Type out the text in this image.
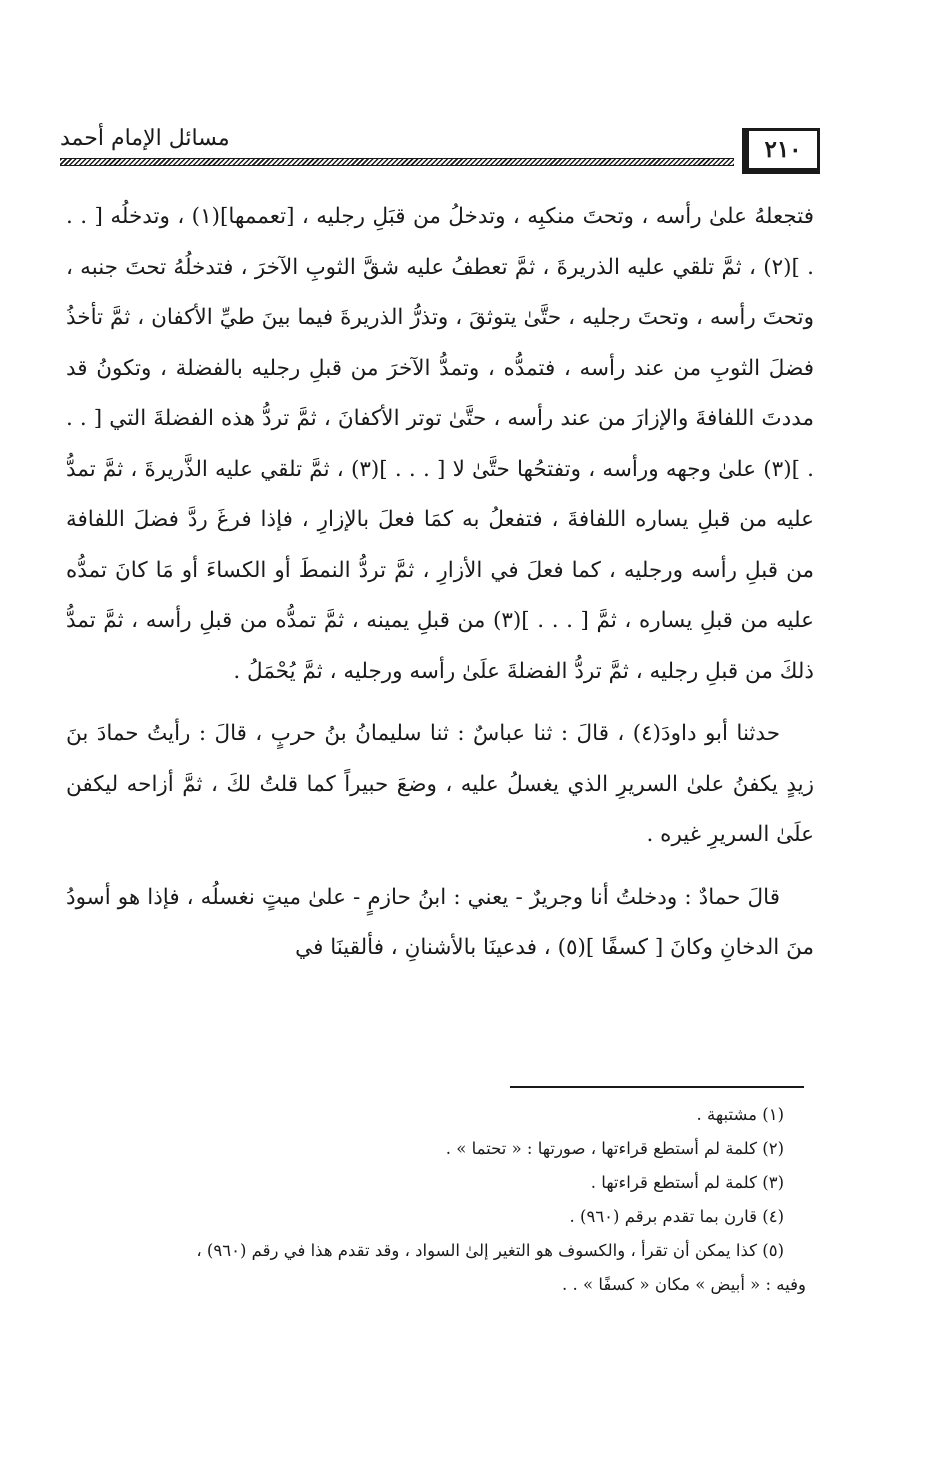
٢١٠
مسائل الإمام أحمد

فتجعلهُ علىٰ رأسه ، وتحتَ منكبِه ، وتدخلُ من قبَلِ رجليه ، [تعممها](١) ، وتدخلُه [ . . . ](٢) ، ثمَّ تلقي عليه الذريرةَ ، ثمَّ تعطفُ عليه شقَّ الثوبِ الآخرَ ، فتدخلُهُ تحتَ جنبه ، وتحتَ رأسه ، وتحتَ رجليه ، حتَّىٰ يتوثقَ ، وتذرُّ الذريرةَ فيما بينَ طيِّ الأكفان ، ثمَّ تأخذُ فضلَ الثوبِ من عند رأسه ، فتمدُّه ، وتمدُّ الآخرَ من قبلِ رجليه بالفضلة ، وتكونُ قد مددتَ اللفافةَ والإزارَ من عند رأسه ، حتَّىٰ توتر الأكفانَ ، ثمَّ تردُّ هذه الفضلةَ التي [ . . . ](٣) علىٰ وجهه ورأسه ، وتفتحُها حتَّىٰ لا [ . . . ](٣) ، ثمَّ تلقي عليه الذَّريرةَ ، ثمَّ تمدُّ عليه من قبلِ يساره اللفافةَ ، فتفعلُ به كمَا فعلَ بالإزارِ ، فإذا فرغَ ردَّ فضلَ اللفافة من قبلِ رأسه ورجليه ، كما فعلَ في الأزارِ ، ثمَّ تردُّ النمطَ أو الكساءَ أو مَا كانَ تمدُّه عليه من قبلِ يساره ، ثمَّ [ . . . ](٣) من قبلِ يمينه ، ثمَّ تمدُّه من قبلِ رأسه ، ثمَّ تمدُّ ذلكَ من قبلِ رجليه ، ثمَّ تردُّ الفضلةَ علَىٰ رأسه ورجليه ، ثمَّ يُحْمَلُ .

حدثنا أبو داودَ(٤) ، قالَ : ثنا عباسٌ : ثنا سليمانُ بنُ حربٍ ، قالَ : رأيتُ حمادَ بنَ زيدٍ يكفنُ علىٰ السريرِ الذي يغسلُ عليه ، وضعَ حبيراً كما قلتُ لكَ ، ثمَّ أزاحه ليكفن علَىٰ السريرِ غيره .

قالَ حمادٌ : ودخلتُ أنا وجريرٌ - يعني : ابنُ حازمٍ - علىٰ ميتٍ نغسلُه ، فإذا هو أسودُ منَ الدخانِ وكانَ [ كسفًا ](٥) ، فدعينَا بالأشنانِ ، فألقينَا في

(١) مشتبهة .

(٢) كلمة لم أستطع قراءتها ، صورتها : « تحتما » .

(٣) كلمة لم أستطع قراءتها .

(٤) قارن بما تقدم برقم (٩٦٠) .

(٥) كذا يمكن أن تقرأ ، والكسوف هو التغير إلىٰ السواد ، وقد تقدم هذا في رقم (٩٦٠) ،

وفيه : « أبيض » مكان « كسفًا » . .
